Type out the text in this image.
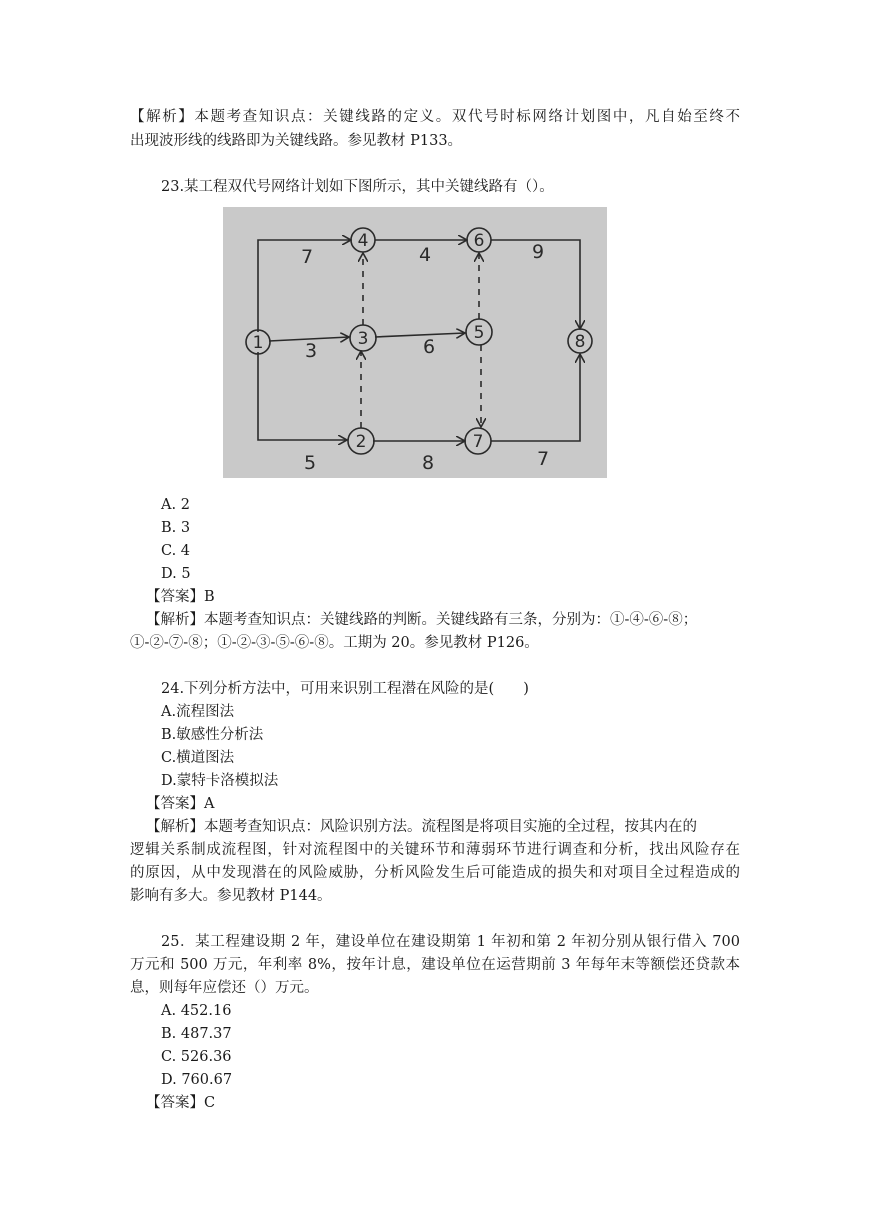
【解析】本题考查知识点：关键线路的定义。双代号时标网络计划图中，凡自始至终不
出现波形线的线路即为关键线路。参见教材 P133。
23.某工程双代号网络计划如下图所示，其中关键线路有（）。
1
2
3
4
5
6
7
8
7	4	9
3	6
5	8	7
A. 2
B. 3
C. 4
D. 5
【答案】B
【解析】本题考查知识点：关键线路的判断。关键线路有三条，分别为：①-④-⑥-⑧；
①-②-⑦-⑧；①-②-③-⑤-⑥-⑧。工期为 20。参见教材 P126。
24.下列分析方法中，可用来识别工程潜在风险的是(　　)
A.流程图法
B.敏感性分析法
C.横道图法
D.蒙特卡洛模拟法
【答案】A
【解析】本题考查知识点：风险识别方法。流程图是将项目实施的全过程，按其内在的
逻辑关系制成流程图，针对流程图中的关键环节和薄弱环节进行调查和分析，找出风险存在
的原因，从中发现潜在的风险威胁，分析风险发生后可能造成的损失和对项目全过程造成的
影响有多大。参见教材 P144。
25．某工程建设期 2 年，建设单位在建设期第 1 年初和第 2 年初分别从银行借入 700
万元和 500 万元，年利率 8%，按年计息，建设单位在运营期前 3 年每年末等额偿还贷款本
息，则每年应偿还（）万元。
A. 452.16
B. 487.37
C. 526.36
D. 760.67
【答案】C
